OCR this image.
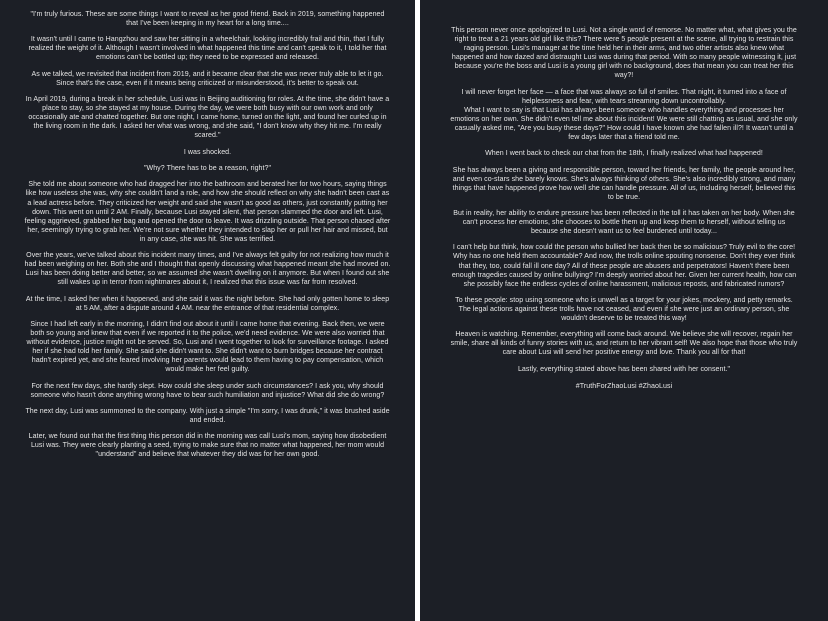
"I'm truly furious. These are some things I want to reveal as her good friend. Back in 2019, something happened that I've been keeping in my heart for a long time....

It wasn't until I came to Hangzhou and saw her sitting in a wheelchair, looking incredibly frail and thin, that I fully realized the weight of it. Although I wasn't involved in what happened this time and can't speak to it, I told her that emotions can't be bottled up; they need to be expressed and released.

As we talked, we revisited that incident from 2019, and it became clear that she was never truly able to let it go. Since that's the case, even if it means being criticized or misunderstood, it's better to speak out.

In April 2019, during a break in her schedule, Lusi was in Beijing auditioning for roles. At the time, she didn't have a place to stay, so she stayed at my house. During the day, we were both busy with our own work and only occasionally ate and chatted together. But one night, I came home, turned on the light, and found her curled up in the living room in the dark. I asked her what was wrong, and she said, "I don't know why they hit me. I'm really scared."

I was shocked.

"Why? There has to be a reason, right?"

She told me about someone who had dragged her into the bathroom and berated her for two hours, saying things like how useless she was, why she couldn't land a role, and how she should reflect on why she hadn't been cast as a lead actress before. They criticized her weight and said she wasn't as good as others, just constantly putting her down. This went on until 2 AM. Finally, because Lusi stayed silent, that person slammed the door and left. Lusi, feeling aggrieved, grabbed her bag and opened the door to leave. It was drizzling outside. That person chased after her, seemingly trying to grab her. We're not sure whether they intended to slap her or pull her hair and missed, but in any case, she was hit. She was terrified.

Over the years, we've talked about this incident many times, and I've always felt guilty for not realizing how much it had been weighing on her. Both she and I thought that openly discussing what happened meant she had moved on. Lusi has been doing better and better, so we assumed she wasn't dwelling on it anymore. But when I found out she still wakes up in terror from nightmares about it, I realized that this issue was far from resolved.

At the time, I asked her when it happened, and she said it was the night before. She had only gotten home to sleep at 5 AM, after a dispute around 4 AM. near the entrance of that residential complex.

Since I had left early in the morning, I didn't find out about it until I came home that evening. Back then, we were both so young and knew that even if we reported it to the police, we'd need evidence. We were also worried that without evidence, justice might not be served. So, Lusi and I went together to look for surveillance footage. I asked her if she had told her family. She said she didn't want to. She didn't want to burn bridges because her contract hadn't expired yet, and she feared involving her parents would lead to them having to pay compensation, which would make her feel guilty.

For the next few days, she hardly slept. How could she sleep under such circumstances? I ask you, why should someone who hasn't done anything wrong have to bear such humiliation and injustice? What did she do wrong?

The next day, Lusi was summoned to the company. With just a simple "I'm sorry, I was drunk," it was brushed aside and ended.

Later, we found out that the first thing this person did in the morning was call Lusi's mom, saying how disobedient Lusi was. They were clearly planting a seed, trying to make sure that no matter what happened, her mom would "understand" and believe that whatever they did was for her own good.

This person never once apologized to Lusi. Not a single word of remorse. No matter what, what gives you the right to treat a 21 years old girl like this? There were 5 people present at the scene, all trying to restrain this raging person. Lusi's manager at the time held her in their arms, and two other artists also knew what happened and how dazed and distraught Lusi was during that period. With so many people witnessing it, just because you're the boss and Lusi is a young girl with no background, does that mean you can treat her this way?!

I will never forget her face — a face that was always so full of smiles. That night, it turned into a face of helplessness and fear, with tears streaming down uncontrollably.
What I want to say is that Lusi has always been someone who handles everything and processes her emotions on her own. She didn't even tell me about this incident! We were still chatting as usual, and she only casually asked me, "Are you busy these days?" How could I have known she had fallen ill?! It wasn't until a few days later that a friend told me.

When I went back to check our chat from the 18th, I finally realized what had happened!

She has always been a giving and responsible person, toward her friends, her family, the people around her, and even co-stars she barely knows. She's always thinking of others. She's also incredibly strong, and many things that have happened prove how well she can handle pressure. All of us, including herself, believed this to be true.

But in reality, her ability to endure pressure has been reflected in the toll it has taken on her body. When she can't process her emotions, she chooses to bottle them up and keep them to herself, without telling us because she doesn't want us to feel burdened until today...

I can't help but think, how could the person who bullied her back then be so malicious? Truly evil to the core! Why has no one held them accountable? And now, the trolls online spouting nonsense. Don't they ever think that they, too, could fall ill one day? All of these people are abusers and perpetrators! Haven't there been enough tragedies caused by online bullying? I'm deeply worried about her. Given her current health, how can she possibly face the endless cycles of online harassment, malicious reposts, and fabricated rumors?

To these people: stop using someone who is unwell as a target for your jokes, mockery, and petty remarks. The legal actions against these trolls have not ceased, and even if she were just an ordinary person, she wouldn't deserve to be treated this way!

Heaven is watching. Remember, everything will come back around. We believe she will recover, regain her smile, share all kinds of funny stories with us, and return to her vibrant self! We also hope that those who truly care about Lusi will send her positive energy and love. Thank you all for that!

Lastly, everything stated above has been shared with her consent."

#TruthForZhaoLusi #ZhaoLusi
